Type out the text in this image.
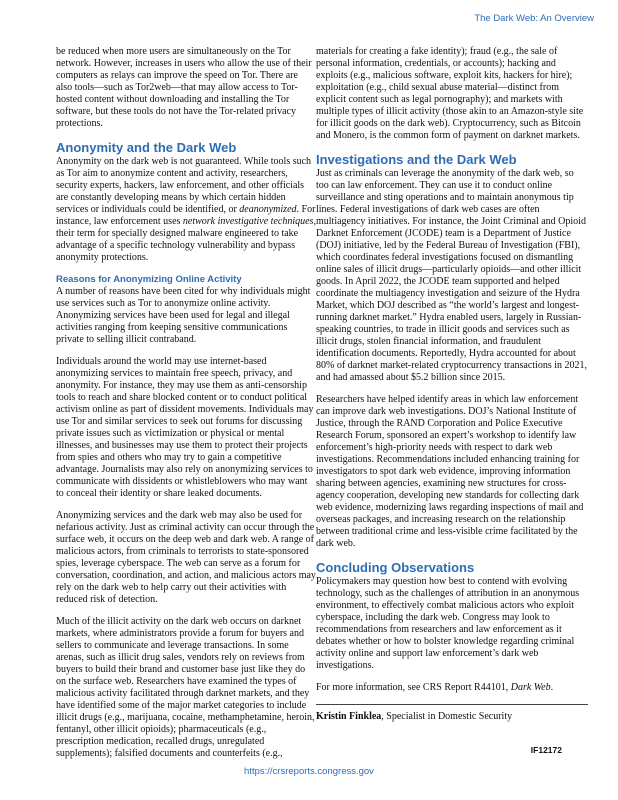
The Dark Web: An Overview

be reduced when more users are simultaneously on the Tor network. However, increases in users who allow the use of their computers as relays can improve the speed on Tor. There are also tools—such as Tor2web—that may allow access to Tor-hosted content without downloading and installing the Tor software, but these tools do not have the Tor-related privacy protections.

Anonymity and the Dark Web

Anonymity on the dark web is not guaranteed. While tools such as Tor aim to anonymize content and activity, researchers, security experts, hackers, law enforcement, and other officials are constantly developing means by which certain hidden services or individuals could be identified, or deanonymized. For instance, law enforcement uses network investigative techniques, their term for specially designed malware engineered to take advantage of a specific technology vulnerability and bypass anonymity protections.

Reasons for Anonymizing Online Activity

A number of reasons have been cited for why individuals might use services such as Tor to anonymize online activity. Anonymizing services have been used for legal and illegal activities ranging from keeping sensitive communications private to selling illicit contraband.

Individuals around the world may use internet-based anonymizing services to maintain free speech, privacy, and anonymity. For instance, they may use them as anti-censorship tools to reach and share blocked content or to conduct political activism online as part of dissident movements. Individuals may use Tor and similar services to seek out forums for discussing private issues such as victimization or physical or mental illnesses, and businesses may use them to protect their projects from spies and others who may try to gain a competitive advantage. Journalists may also rely on anonymizing services to communicate with dissidents or whistleblowers who may want to conceal their identity or share leaked documents.

Anonymizing services and the dark web may also be used for nefarious activity. Just as criminal activity can occur through the surface web, it occurs on the deep web and dark web. A range of malicious actors, from criminals to terrorists to state-sponsored spies, leverage cyberspace. The web can serve as a forum for conversation, coordination, and action, and malicious actors may rely on the dark web to help carry out their activities with reduced risk of detection.

Much of the illicit activity on the dark web occurs on darknet markets, where administrators provide a forum for buyers and sellers to communicate and leverage transactions. In some arenas, such as illicit drug sales, vendors rely on reviews from buyers to build their brand and customer base just like they do on the surface web. Researchers have examined the types of malicious activity facilitated through darknet markets, and they have identified some of the major market categories to include illicit drugs (e.g., marijuana, cocaine, methamphetamine, heroin, fentanyl, other illicit opioids); pharmaceuticals (e.g., prescription medication, recalled drugs, unregulated supplements); falsified documents and counterfeits (e.g.,

materials for creating a fake identity); fraud (e.g., the sale of personal information, credentials, or accounts); hacking and exploits (e.g., malicious software, exploit kits, hackers for hire); exploitation (e.g., child sexual abuse material—distinct from explicit content such as legal pornography); and markets with multiple types of illicit activity (those akin to an Amazon-style site for illicit goods on the dark web). Cryptocurrency, such as Bitcoin and Monero, is the common form of payment on darknet markets.

Investigations and the Dark Web

Just as criminals can leverage the anonymity of the dark web, so too can law enforcement. They can use it to conduct online surveillance and sting operations and to maintain anonymous tip lines. Federal investigations of dark web cases are often multiagency initiatives. For instance, the Joint Criminal and Opioid Darknet Enforcement (JCODE) team is a Department of Justice (DOJ) initiative, led by the Federal Bureau of Investigation (FBI), which coordinates federal investigations focused on dismantling online sales of illicit drugs—particularly opioids—and other illicit goods. In April 2022, the JCODE team supported and helped coordinate the multiagency investigation and seizure of the Hydra Market, which DOJ described as “the world’s largest and longest-running darknet market.” Hydra enabled users, largely in Russian-speaking countries, to trade in illicit goods and services such as illicit drugs, stolen financial information, and fraudulent identification documents. Reportedly, Hydra accounted for about 80% of darknet market-related cryptocurrency transactions in 2021, and had amassed about $5.2 billion since 2015.

Researchers have helped identify areas in which law enforcement can improve dark web investigations. DOJ’s National Institute of Justice, through the RAND Corporation and Police Executive Research Forum, sponsored an expert’s workshop to identify law enforcement’s high-priority needs with respect to dark web investigations. Recommendations included enhancing training for investigators to spot dark web evidence, improving information sharing between agencies, examining new structures for cross-agency cooperation, developing new standards for collecting dark web evidence, modernizing laws regarding inspections of mail and overseas packages, and increasing research on the relationship between traditional crime and less-visible crime facilitated by the dark web.

Concluding Observations

Policymakers may question how best to contend with evolving technology, such as the challenges of attribution in an anonymous environment, to effectively combat malicious actors who exploit cyberspace, including the dark web. Congress may look to recommendations from researchers and law enforcement as it debates whether or how to bolster knowledge regarding criminal activity online and support law enforcement’s dark web investigations.

For more information, see CRS Report R44101, Dark Web.

Kristin Finklea, Specialist in Domestic Security

IF12172
https://crsreports.congress.gov
